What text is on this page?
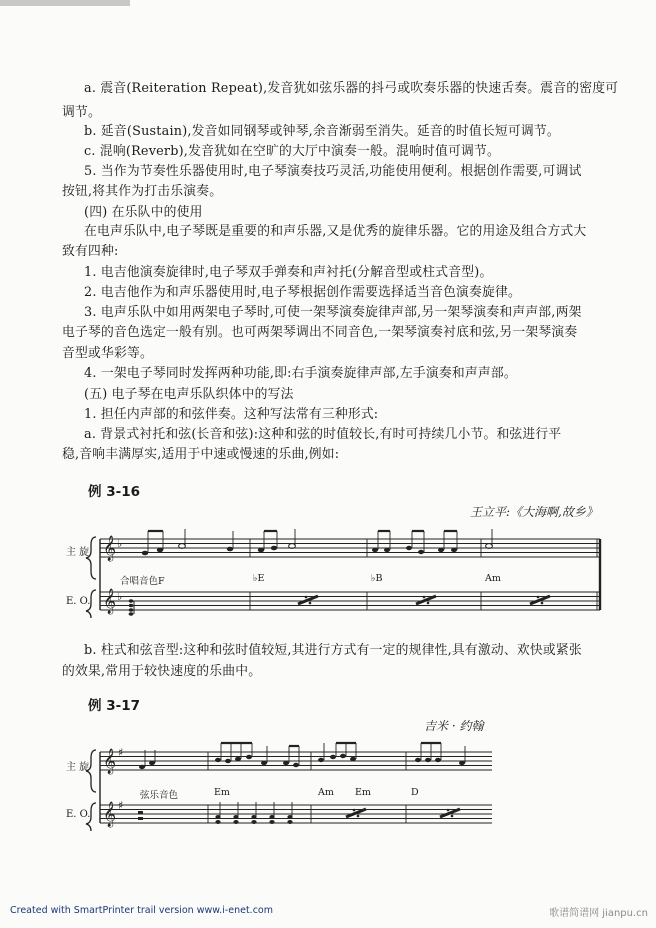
a. 震音(Reiteration Repeat),发音犹如弦乐器的抖弓或吹奏乐器的快速舌奏。震音的密度可
调节。
b. 延音(Sustain),发音如同钢琴或钟琴,余音渐弱至消失。延音的时值长短可调节。
c. 混响(Reverb),发音犹如在空旷的大厅中演奏一般。混响时值可调节。
5. 当作为节奏性乐器使用时,电子琴演奏技巧灵活,功能使用便利。根据创作需要,可调试
按钮,将其作为打击乐演奏。
(四) 在乐队中的使用
在电声乐队中,电子琴既是重要的和声乐器,又是优秀的旋律乐器。它的用途及组合方式大
致有四种:
1. 电吉他演奏旋律时,电子琴双手弹奏和声衬托(分解音型或柱式音型)。
2. 电吉他作为和声乐器使用时,电子琴根据创作需要选择适当音色演奏旋律。
3. 电声乐队中如用两架电子琴时,可使一架琴演奏旋律声部,另一架琴演奏和声声部,两架
电子琴的音色选定一般有别。也可两架琴调出不同音色,一架琴演奏衬底和弦,另一架琴演奏
音型或华彩等。
4. 一架电子琴同时发挥两种功能,即:右手演奏旋律声部,左手演奏和声声部。
(五) 电子琴在电声乐队织体中的写法
1. 担任内声部的和弦伴奏。这种写法常有三种形式:
a. 背景式衬托和弦(长音和弦):这种和弦的时值较长,有时可持续几小节。和弦进行平
稳,音响丰满厚实,适用于中速或慢速的乐曲,例如:
例 3-16
王立平:《大海啊,故乡》
主 旋
E. O.
合唱音色F	♭E	♭B	Am
𝄞
𝄞
♭
♭
b. 柱式和弦音型:这种和弦时值较短,其进行方式有一定的规律性,具有激动、欢快或紧张
的效果,常用于较快速度的乐曲中。
例 3-17
吉米 · 约翰
主 旋
E. O.
弦乐音色	Em	Am Em	D
𝄞
𝄞
♯
♯
Created with SmartPrinter trail version www.i-enet.com	歌谱简谱网 jianpu.cn
